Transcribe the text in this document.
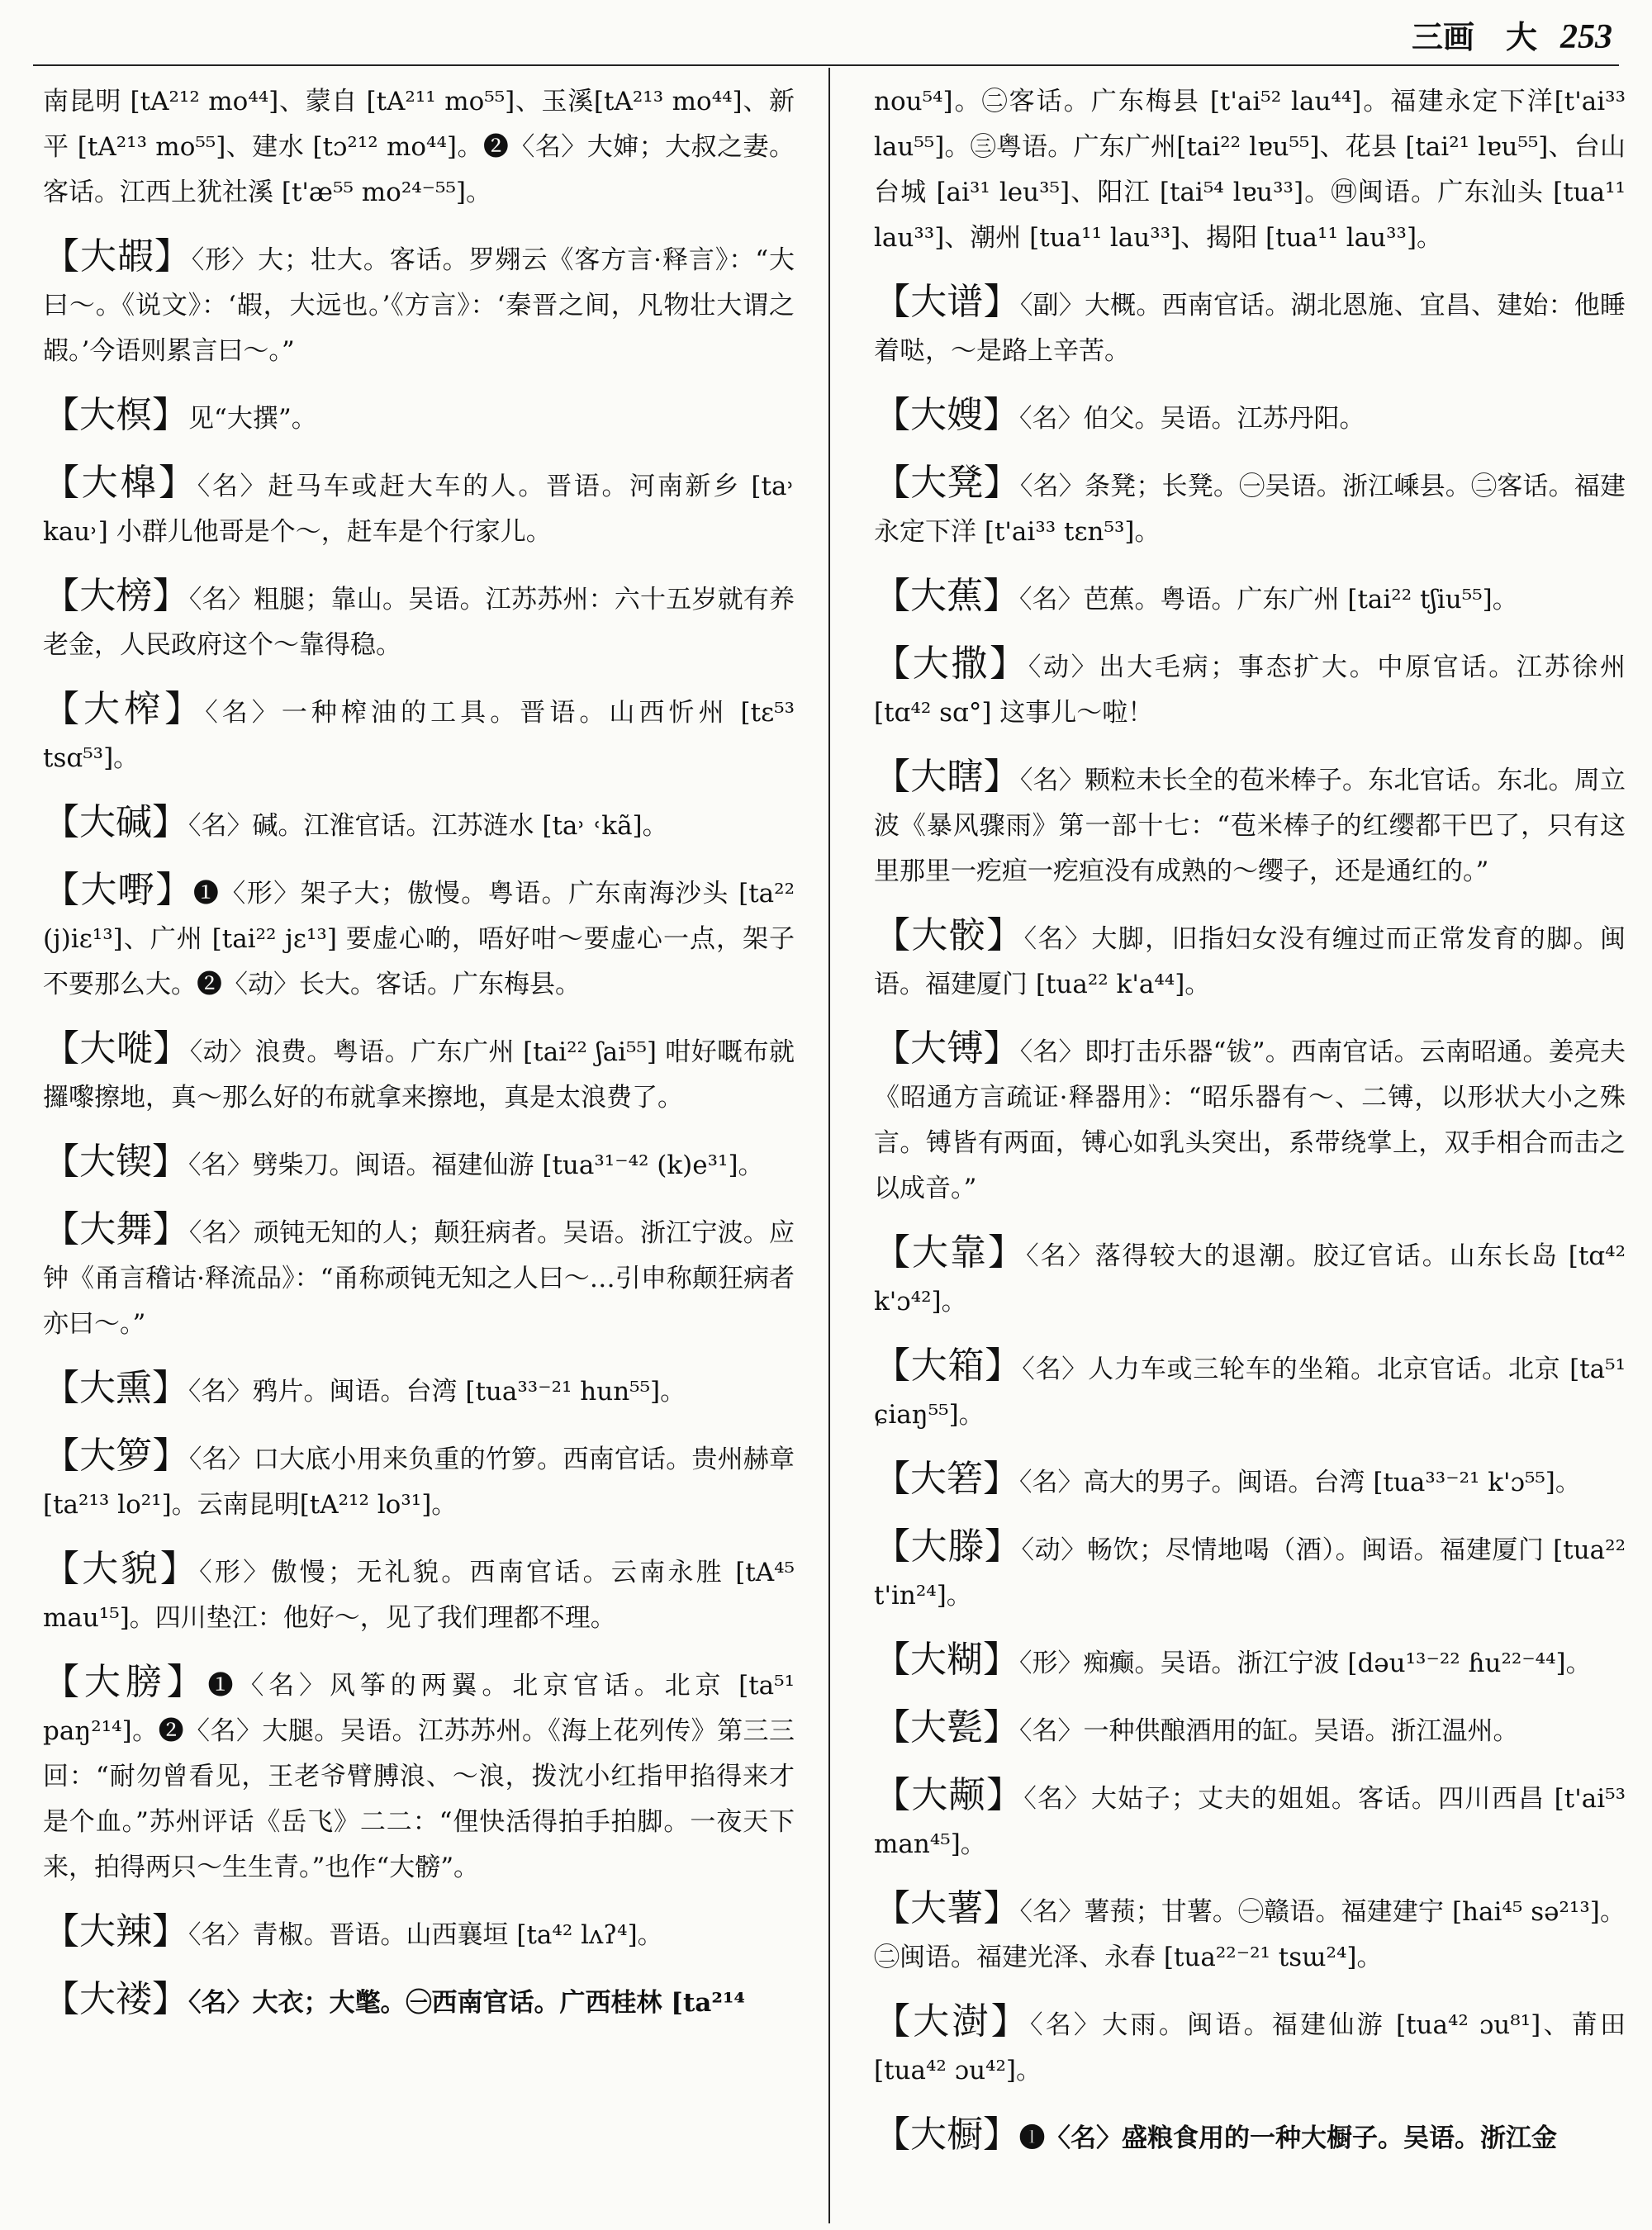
三画　大 253
南昆明 [tA²¹² mo⁴⁴]、蒙自 [tA²¹¹ mo⁵⁵]、玉溪[tA²¹³ mo⁴⁴]、新平 [tA²¹³ mo⁵⁵]、建水 [tɔ²¹² mo⁴⁴]。❷〈名〉大婶；大叔之妻。客话。江西上犹社溪 [t'æ⁵⁵ mo²⁴⁻⁵⁵]。
【大嘏】〈形〉大；壮大。客话。罗翙云《客方言·释言》：“大曰～。《说文》：‘嘏，大远也。’《方言》：‘秦晋之间，凡物壮大谓之嘏。’今语则累言曰～。”
【大榠】见“大撰”。
【大橰】〈名〉赶马车或赶大车的人。晋语。河南新乡 [ta˒ kau˒] 小群儿他哥是个～，赶车是个行家儿。
【大榜】〈名〉粗腿；靠山。吴语。江苏苏州：六十五岁就有养老金，人民政府这个～靠得稳。
【大榨】〈名〉一种榨油的工具。晋语。山西忻州 [tɛ⁵³ tsɑ⁵³]。
【大碱】〈名〉碱。江淮官话。江苏涟水 [ta˒ ˓kã]。
【大嘢】❶〈形〉架子大；傲慢。粤语。广东南海沙头 [ta²² (j)iɛ¹³]、广州 [tai²² jɛ¹³] 要虚心啲，唔好咁～要虚心一点，架子不要那么大。❷〈动〉长大。客话。广东梅县。
【大嘥】〈动〉浪费。粤语。广东广州 [tai²² ʃai⁵⁵] 咁好嘅布就攞嚟擦地，真～那么好的布就拿来擦地，真是太浪费了。
【大锲】〈名〉劈柴刀。闽语。福建仙游 [tua³¹⁻⁴² (k)e³¹]。
【大舞】〈名〉顽钝无知的人；颠狂病者。吴语。浙江宁波。应钟《甬言稽诂·释流品》：“甬称顽钝无知之人曰～…引申称颠狂病者亦曰～。”
【大熏】〈名〉鸦片。闽语。台湾 [tua³³⁻²¹ hun⁵⁵]。
【大箩】〈名〉口大底小用来负重的竹箩。西南官话。贵州赫章 [ta²¹³ lo²¹]。云南昆明[tA²¹² lo³¹]。
【大貌】〈形〉傲慢；无礼貌。西南官话。云南永胜 [tA⁴⁵ mau¹⁵]。四川垫江：他好～，见了我们理都不理。
【大膀】❶〈名〉风筝的两翼。北京官话。北京 [ta⁵¹ paŋ²¹⁴]。❷〈名〉大腿。吴语。江苏苏州。《海上花列传》第三三回：“耐勿曾看见，王老爷臂膊浪、～浪，拨沈小红指甲掐得来才是个血。”苏州评话《岳飞》二二：“俚快活得拍手拍脚。一夜天下来，拍得两只～生生青。”也作“大髈”。
【大辣】〈名〉青椒。晋语。山西襄垣 [ta⁴² lʌʔ⁴]。
【大褛】〈名〉大衣；大氅。㊀西南官话。广西桂林 [ta²¹⁴
nou⁵⁴]。㊁客话。广东梅县 [t'ai⁵² lau⁴⁴]。福建永定下洋[t'ai³³ lau⁵⁵]。㊂粤语。广东广州[tai²² lɐu⁵⁵]、花县 [tai²¹ lɐu⁵⁵]、台山台城 [ai³¹ leu³⁵]、阳江 [tai⁵⁴ lɐu³³]。㊃闽语。广东汕头 [tua¹¹ lau³³]、潮州 [tua¹¹ lau³³]、揭阳 [tua¹¹ lau³³]。
【大谱】〈副〉大概。西南官话。湖北恩施、宜昌、建始：他睡着哒，～是路上辛苦。
【大嫂】〈名〉伯父。吴语。江苏丹阳。
【大凳】〈名〉条凳；长凳。㊀吴语。浙江嵊县。㊁客话。福建永定下洋 [t'ai³³ tɛn⁵³]。
【大蕉】〈名〉芭蕉。粤语。广东广州 [tai²² tʃiu⁵⁵]。
【大撒】〈动〉出大毛病；事态扩大。中原官话。江苏徐州 [tɑ⁴² sɑ°] 这事儿～啦！
【大瞎】〈名〉颗粒未长全的苞米棒子。东北官话。东北。周立波《暴风骤雨》第一部十七：“苞米棒子的红缨都干巴了，只有这里那里一疙疸一疙疸没有成熟的～缨子，还是通红的。”
【大骹】〈名〉大脚，旧指妇女没有缠过而正常发育的脚。闽语。福建厦门 [tua²² k'a⁴⁴]。
【大镈】〈名〉即打击乐器“钹”。西南官话。云南昭通。姜亮夫《昭通方言疏证·释器用》：“昭乐器有～、二镈，以形状大小之殊言。镈皆有两面，镈心如乳头突出，系带绕掌上，双手相合而击之以成音。”
【大靠】〈名〉落得较大的退潮。胶辽官话。山东长岛 [tɑ⁴² k'ɔ⁴²]。
【大箱】〈名〉人力车或三轮车的坐箱。北京官话。北京 [ta⁵¹ ɕiaŋ⁵⁵]。
【大箬】〈名〉高大的男子。闽语。台湾 [tua³³⁻²¹ k'ɔ⁵⁵]。
【大滕】〈动〉畅饮；尽情地喝（酒）。闽语。福建厦门 [tua²² t'in²⁴]。
【大糊】〈形〉痴癫。吴语。浙江宁波 [dəu¹³⁻²² ɦu²²⁻⁴⁴]。
【大甏】〈名〉一种供酿酒用的缸。吴语。浙江温州。
【大颟】〈名〉大姑子；丈夫的姐姐。客话。四川西昌 [t'ai⁵³ man⁴⁵]。
【大薯】〈名〉薯蓣；甘薯。㊀赣语。福建建宁 [hai⁴⁵ sə²¹³]。㊁闽语。福建光泽、永春 [tua²²⁻²¹ tsɯ²⁴]。
【大澍】〈名〉大雨。闽语。福建仙游 [tua⁴² ɔu⁸¹]、莆田 [tua⁴² ɔu⁴²]。
【大橱】❶〈名〉盛粮食用的一种大橱子。吴语。浙江金
